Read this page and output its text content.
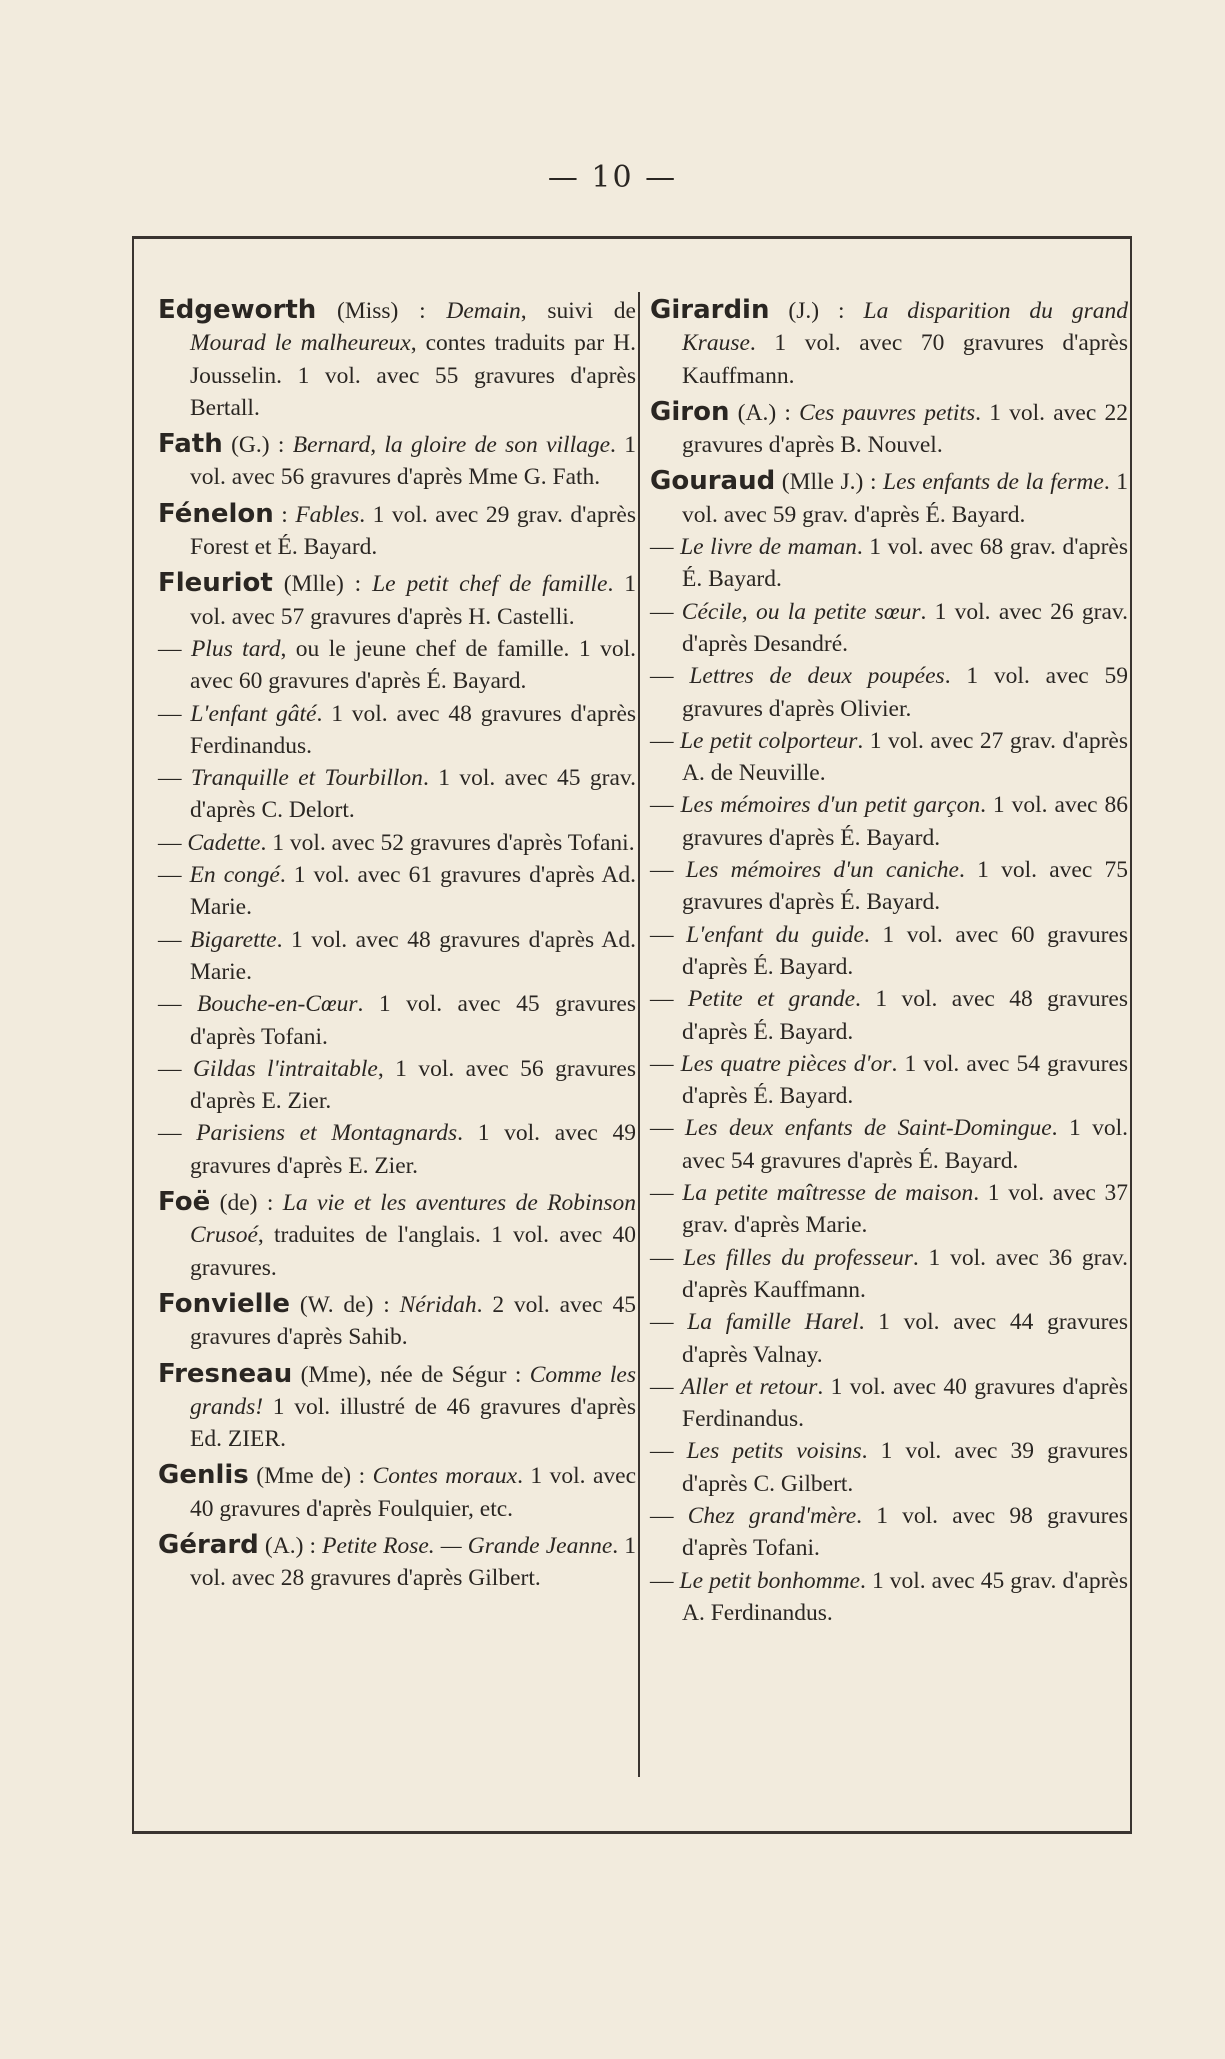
— 10 —

Edgeworth (Miss) : Demain, suivi de Mourad le malheureux, contes traduits par H. Jousselin. 1 vol. avec 55 gravures d'après Bertall.

Fath (G.) : Bernard, la gloire de son village. 1 vol. avec 56 gravures d'après Mme G. Fath.

Fénelon : Fables. 1 vol. avec 29 grav. d'après Forest et É. Bayard.

Fleuriot (Mlle) : Le petit chef de famille. 1 vol. avec 57 gravures d'après H. Castelli.

— Plus tard, ou le jeune chef de famille. 1 vol. avec 60 gravures d'après É. Bayard.

— L'enfant gâté. 1 vol. avec 48 gravures d'après Ferdinandus.

— Tranquille et Tourbillon. 1 vol. avec 45 grav. d'après C. Delort.

— Cadette. 1 vol. avec 52 gravures d'après Tofani.

— En congé. 1 vol. avec 61 gravures d'après Ad. Marie.

— Bigarette. 1 vol. avec 48 gravures d'après Ad. Marie.

— Bouche-en-Cœur. 1 vol. avec 45 gravures d'après Tofani.

— Gildas l'intraitable, 1 vol. avec 56 gravures d'après E. Zier.

— Parisiens et Montagnards. 1 vol. avec 49 gravures d'après E. Zier.

Foë (de) : La vie et les aventures de Robinson Crusoé, traduites de l'anglais. 1 vol. avec 40 gravures.

Fonvielle (W. de) : Néridah. 2 vol. avec 45 gravures d'après Sahib.

Fresneau (Mme), née de Ségur : Comme les grands! 1 vol. illustré de 46 gravures d'après Ed. ZIER.

Genlis (Mme de) : Contes moraux. 1 vol. avec 40 gravures d'après Foulquier, etc.

Gérard (A.) : Petite Rose. — Grande Jeanne. 1 vol. avec 28 gravures d'après Gilbert.

Girardin (J.) : La disparition du grand Krause. 1 vol. avec 70 gravures d'après Kauffmann.

Giron (A.) : Ces pauvres petits. 1 vol. avec 22 gravures d'après B. Nouvel.

Gouraud (Mlle J.) : Les enfants de la ferme. 1 vol. avec 59 grav. d'après É. Bayard.

— Le livre de maman. 1 vol. avec 68 grav. d'après É. Bayard.

— Cécile, ou la petite sœur. 1 vol. avec 26 grav. d'après Desandré.

— Lettres de deux poupées. 1 vol. avec 59 gravures d'après Olivier.

— Le petit colporteur. 1 vol. avec 27 grav. d'après A. de Neuville.

— Les mémoires d'un petit garçon. 1 vol. avec 86 gravures d'après É. Bayard.

— Les mémoires d'un caniche. 1 vol. avec 75 gravures d'après É. Bayard.

— L'enfant du guide. 1 vol. avec 60 gravures d'après É. Bayard.

— Petite et grande. 1 vol. avec 48 gravures d'après É. Bayard.

— Les quatre pièces d'or. 1 vol. avec 54 gravures d'après É. Bayard.

— Les deux enfants de Saint-Domingue. 1 vol. avec 54 gravures d'après É. Bayard.

— La petite maîtresse de maison. 1 vol. avec 37 grav. d'après Marie.

— Les filles du professeur. 1 vol. avec 36 grav. d'après Kauffmann.

— La famille Harel. 1 vol. avec 44 gravures d'après Valnay.

— Aller et retour. 1 vol. avec 40 gravures d'après Ferdinandus.

— Les petits voisins. 1 vol. avec 39 gravures d'après C. Gilbert.

— Chez grand'mère. 1 vol. avec 98 gravures d'après Tofani.

— Le petit bonhomme. 1 vol. avec 45 grav. d'après A. Ferdinandus.
